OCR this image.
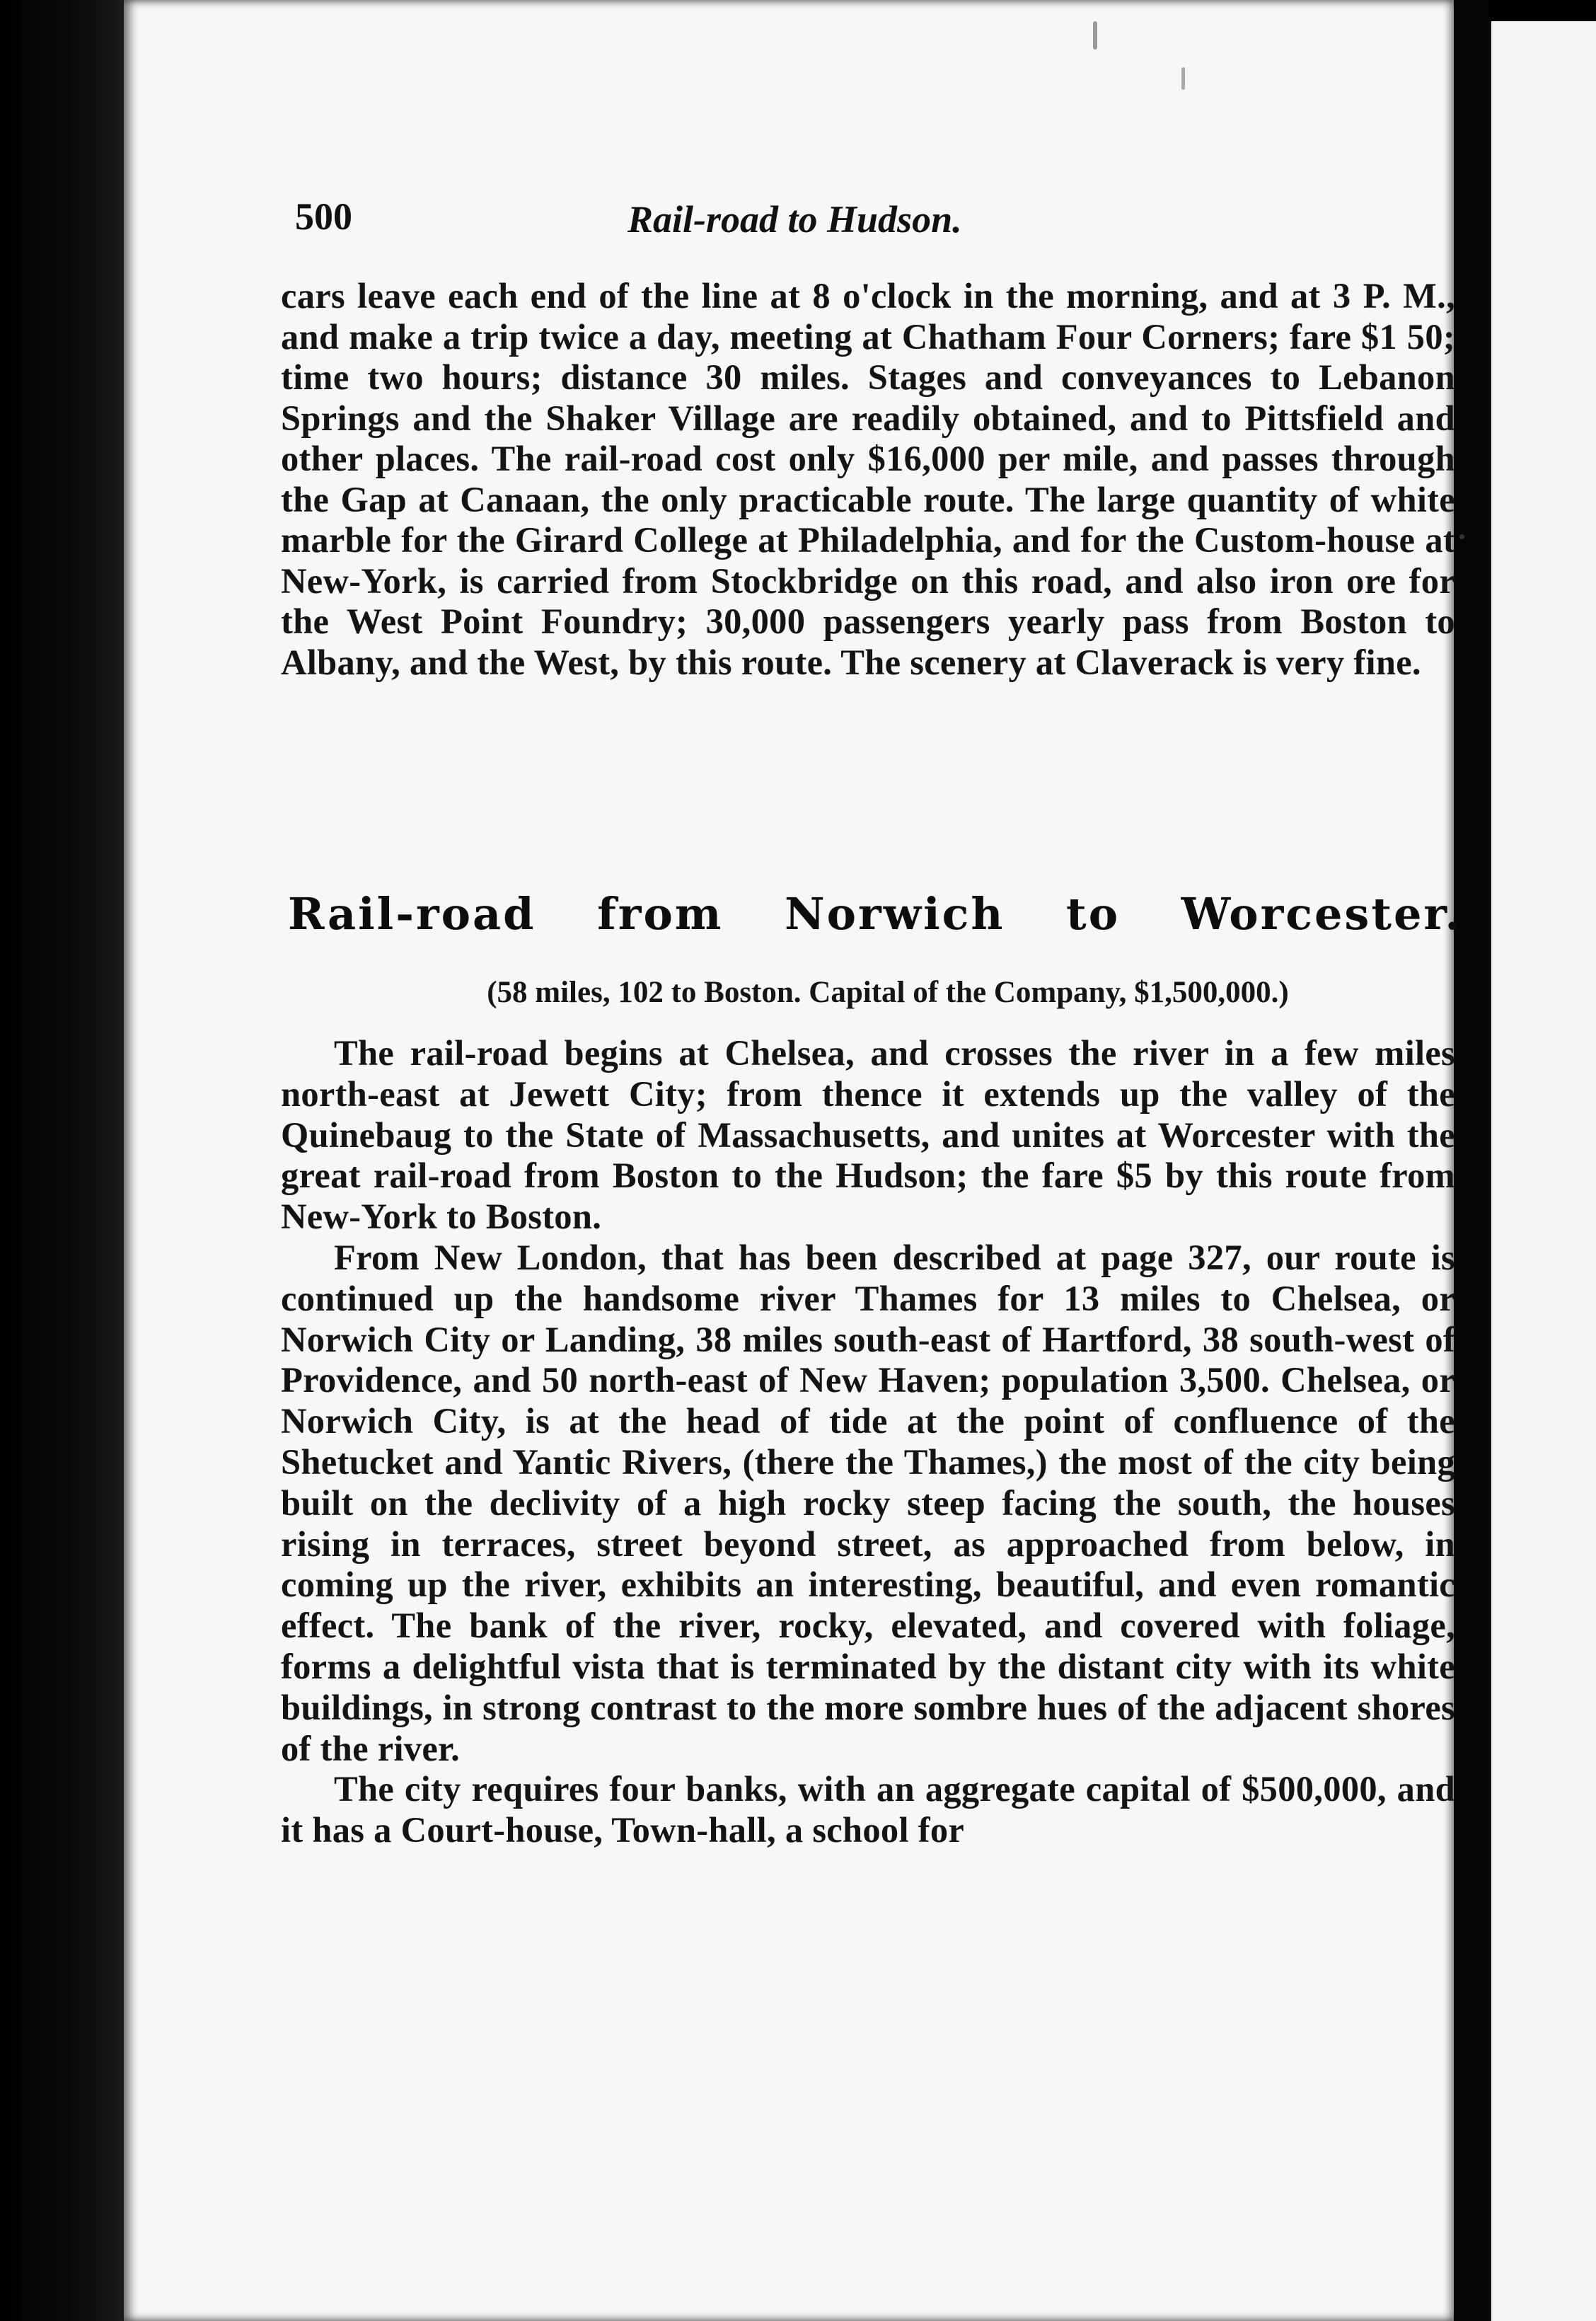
500	Rail-road to Hudson.

cars leave each end of the line at 8 o'clock in the morning, and at 3 P. M., and make a trip twice a day, meeting at Chatham Four Corners; fare $1 50; time two hours; distance 30 miles. Stages and conveyances to Lebanon Springs and the Shaker Village are readily obtained, and to Pittsfield and other places. The rail-road cost only $16,000 per mile, and passes through the Gap at Canaan, the only practicable route. The large quantity of white marble for the Girard College at Philadelphia, and for the Custom-house at New-York, is carried from Stockbridge on this road, and also iron ore for the West Point Foundry; 30,000 passengers yearly pass from Boston to Albany, and the West, by this route. The scenery at Claverack is very fine.

Rail-road from Norwich to Worcester.
(58 miles, 102 to Boston. Capital of the Company, $1,500,000.)

The rail-road begins at Chelsea, and crosses the river in a few miles north-east at Jewett City; from thence it extends up the valley of the Quinebaug to the State of Massachusetts, and unites at Worcester with the great rail-road from Boston to the Hudson; the fare $5 by this route from New-York to Boston.

From New London, that has been described at page 327, our route is continued up the handsome river Thames for 13 miles to Chelsea, or Norwich City or Landing, 38 miles south-east of Hartford, 38 south-west of Providence, and 50 north-east of New Haven; population 3,500. Chelsea, or Norwich City, is at the head of tide at the point of confluence of the Shetucket and Yantic Rivers, (there the Thames,) the most of the city being built on the declivity of a high rocky steep facing the south, the houses rising in terraces, street beyond street, as approached from below, in coming up the river, exhibits an interesting, beautiful, and even romantic effect. The bank of the river, rocky, elevated, and covered with foliage, forms a delightful vista that is terminated by the distant city with its white buildings, in strong contrast to the more sombre hues of the adjacent shores of the river.

The city requires four banks, with an aggregate capital of $500,000, and it has a Court-house, Town-hall, a school for
